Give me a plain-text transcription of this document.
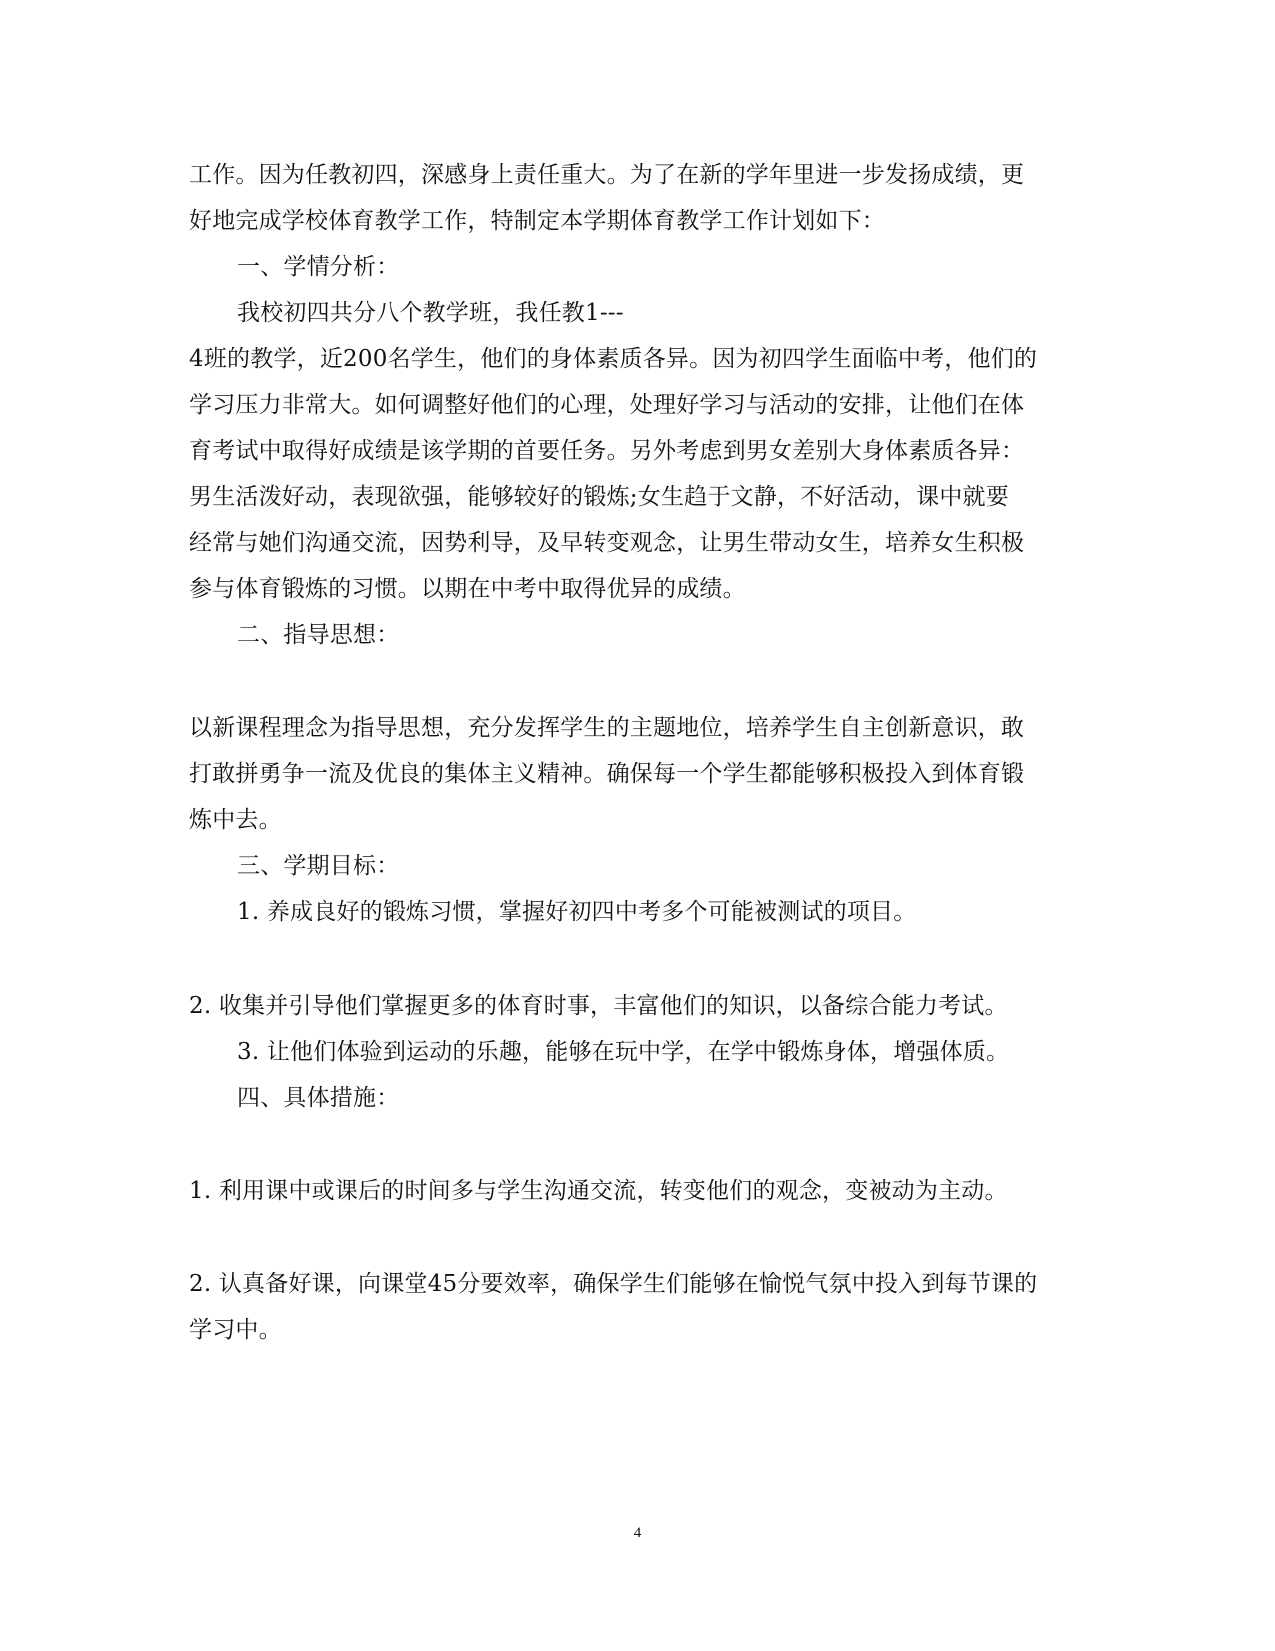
工作。因为任教初四，深感身上责任重大。为了在新的学年里进一步发扬成绩，更
好地完成学校体育教学工作，特制定本学期体育教学工作计划如下：
一、学情分析：
我校初四共分八个教学班，我任教1---
4班的教学，近200名学生，他们的身体素质各异。因为初四学生面临中考，他们的
学习压力非常大。如何调整好他们的心理，处理好学习与活动的安排，让他们在体
育考试中取得好成绩是该学期的首要任务。另外考虑到男女差别大身体素质各异：
男生活泼好动，表现欲强，能够较好的锻炼;女生趋于文静，不好活动，课中就要
经常与她们沟通交流，因势利导，及早转变观念，让男生带动女生，培养女生积极
参与体育锻炼的习惯。以期在中考中取得优异的成绩。
二、指导思想：
以新课程理念为指导思想，充分发挥学生的主题地位，培养学生自主创新意识，敢
打敢拼勇争一流及优良的集体主义精神。确保每一个学生都能够积极投入到体育锻
炼中去。
三、学期目标：
1. 养成良好的锻炼习惯，掌握好初四中考多个可能被测试的项目。
2. 收集并引导他们掌握更多的体育时事，丰富他们的知识，以备综合能力考试。
3. 让他们体验到运动的乐趣，能够在玩中学，在学中锻炼身体，增强体质。
四、具体措施：
1. 利用课中或课后的时间多与学生沟通交流，转变他们的观念，变被动为主动。
2. 认真备好课，向课堂45分要效率，确保学生们能够在愉悦气氛中投入到每节课的
学习中。
4
